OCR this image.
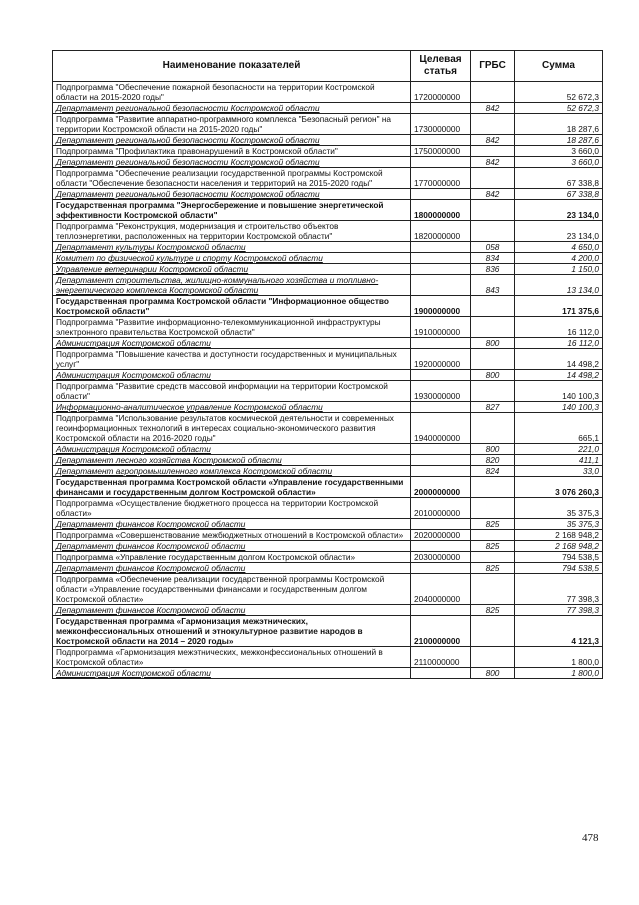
Наименование показателей	Целевая статья	ГРБС	Сумма
Подпрограмма "Обеспечение пожарной безопасности на территории Костромской области на 2015-2020 годы"	1720000000		52 672,3
Департамент региональной безопасности Костромской области		842	52 672,3
Подпрограмма "Развитие аппаратно-программного комплекса "Безопасный регион" на территории Костромской области на 2015-2020 годы"	1730000000		18 287,6
Департамент региональной безопасности Костромской области		842	18 287,6
Подпрограмма "Профилактика правонарушений в Костромской области"	1750000000		3 660,0
Департамент региональной безопасности Костромской области		842	3 660,0
Подпрограмма "Обеспечение реализации государственной программы Костромской области "Обеспечение безопасности населения и территорий на 2015-2020 годы"	1770000000		67 338,8
Департамент региональной безопасности Костромской области		842	67 338,8
Государственная программа "Энергосбережение и повышение энергетической эффективности Костромской области"	1800000000		23 134,0
Подпрограмма "Реконструкция, модернизация и строительство объектов теплоэнергетики, расположенных на территории Костромской области"	1820000000		23 134,0
Департамент культуры Костромской области		058	4 650,0
Комитет по физической культуре и спорту Костромской области		834	4 200,0
Управление ветеринарии Костромской области		836	1 150,0
Департамент строительства, жилищно-коммунального хозяйства и топливно-энергетического комплекса Костромской области		843	13 134,0
Государственная программа Костромской области "Информационное общество Костромской области"	1900000000		171 375,6
Подпрограмма "Развитие информационно-телекоммуникационной инфраструктуры электронного правительства Костромской области"	1910000000		16 112,0
Администрация Костромской области		800	16 112,0
Подпрограмма "Повышение качества и доступности государственных и муниципальных услуг"	1920000000		14 498,2
Администрация Костромской области		800	14 498,2
Подпрограмма "Развитие средств массовой информации на территории Костромской области"	1930000000		140 100,3
Информационно-аналитическое управление Костромской области		827	140 100,3
Подпрограмма "Использование результатов космической деятельности и современных геоинформационных технологий в интересах социально-экономического развития Костромской области на 2016-2020 годы"	1940000000		665,1
Администрация Костромской области		800	221,0
Департамент лесного хозяйства Костромской области		820	411,1
Департамент агропромышленного комплекса Костромской области		824	33,0
Государственная программа Костромской области «Управление государственными финансами и государственным долгом Костромской области»	2000000000		3 076 260,3
Подпрограмма «Осуществление бюджетного процесса на территории Костромской области»	2010000000		35 375,3
Департамент финансов Костромской области		825	35 375,3
Подпрограмма «Совершенствование межбюджетных отношений в Костромской области»	2020000000		2 168 948,2
Департамент финансов Костромской области		825	2 168 948,2
Подпрограмма «Управление государственным долгом Костромской области»	2030000000		794 538,5
Департамент финансов Костромской области		825	794 538,5
Подпрограмма «Обеспечение реализации государственной программы Костромской области «Управление государственными финансами и государственным долгом Костромской области»	2040000000		77 398,3
Департамент финансов Костромской области		825	77 398,3
Государственная программа «Гармонизация межэтнических, межконфессиональных отношений и этнокультурное развитие народов в Костромской области на 2014 – 2020 годы»	2100000000		4 121,3
Подпрограмма «Гармонизация межэтнических, межконфессиональных отношений в Костромской области»	2110000000		1 800,0
Администрация Костромской области		800	1 800,0
478
